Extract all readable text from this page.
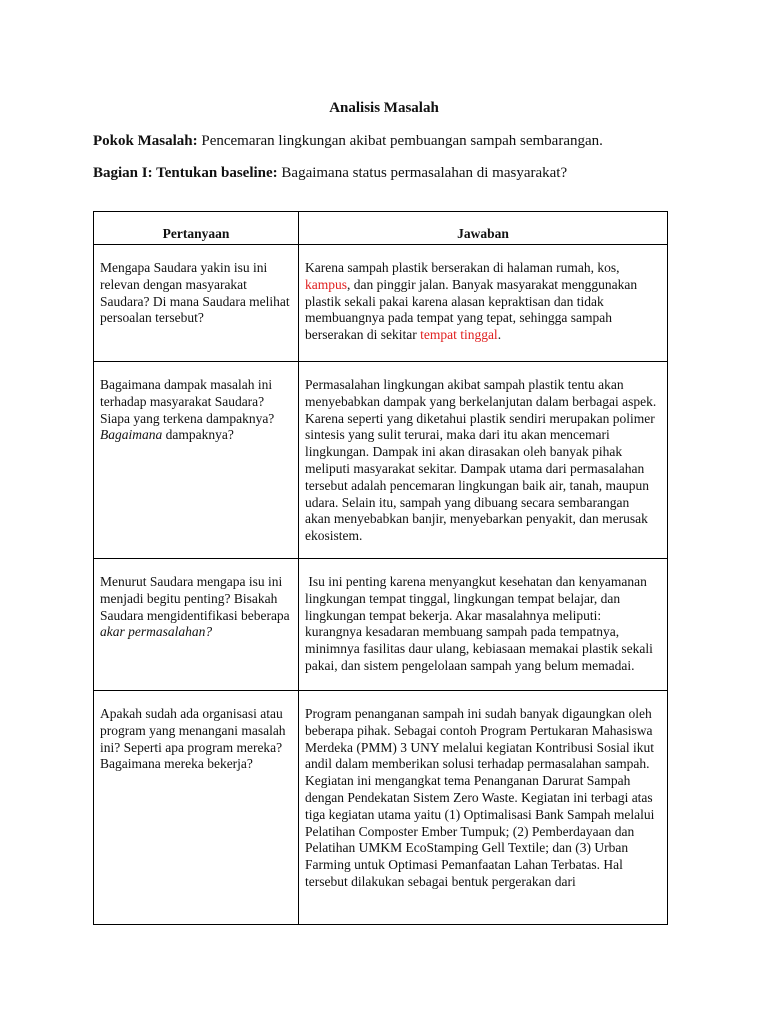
Analisis Masalah
Pokok Masalah: Pencemaran lingkungan akibat pembuangan sampah sembarangan.
Bagian I: Tentukan baseline: Bagaimana status permasalahan di masyarakat?
Pertanyaan	Jawaban

Mengapa Saudara yakin isu ini relevan dengan masyarakat Saudara? Di mana Saudara melihat persoalan tersebut?	Karena sampah plastik berserakan di halaman rumah, kos, kampus, dan pinggir jalan. Banyak masyarakat menggunakan plastik sekali pakai karena alasan kepraktisan dan tidak membuangnya pada tempat yang tepat, sehingga sampah berserakan di sekitar tempat tinggal.

Bagaimana dampak masalah ini terhadap masyarakat Saudara? Siapa yang terkena dampaknya? Bagaimana dampaknya?	Permasalahan lingkungan akibat sampah plastik tentu akan menyebabkan dampak yang berkelanjutan dalam berbagai aspek. Karena seperti yang diketahui plastik sendiri merupakan polimer sintesis yang sulit terurai, maka dari itu akan mencemari lingkungan. Dampak ini akan dirasakan oleh banyak pihak meliputi masyarakat sekitar. Dampak utama dari permasalahan tersebut adalah pencemaran lingkungan baik air, tanah, maupun udara. Selain itu, sampah yang dibuang secara sembarangan akan menyebabkan banjir, menyebarkan penyakit, dan merusak ekosistem.

Menurut Saudara mengapa isu ini menjadi begitu penting? Bisakah Saudara mengidentifikasi beberapa akar permasalahan?	Isu ini penting karena menyangkut kesehatan dan kenyamanan lingkungan tempat tinggal, lingkungan tempat belajar, dan lingkungan tempat bekerja. Akar masalahnya meliputi: kurangnya kesadaran membuang sampah pada tempatnya, minimnya fasilitas daur ulang, kebiasaan memakai plastik sekali pakai, dan sistem pengelolaan sampah yang belum memadai.

Apakah sudah ada organisasi atau program yang menangani masalah ini? Seperti apa program mereka? Bagaimana mereka bekerja?	Program penanganan sampah ini sudah banyak digaungkan oleh beberapa pihak. Sebagai contoh Program Pertukaran Mahasiswa Merdeka (PMM) 3 UNY melalui kegiatan Kontribusi Sosial ikut andil dalam memberikan solusi terhadap permasalahan sampah. Kegiatan ini mengangkat tema Penanganan Darurat Sampah dengan Pendekatan Sistem Zero Waste. Kegiatan ini terbagi atas tiga kegiatan utama yaitu (1) Optimalisasi Bank Sampah melalui Pelatihan Composter Ember Tumpuk; (2) Pemberdayaan dan Pelatihan UMKM EcoStamping Gell Textile; dan (3) Urban Farming untuk Optimasi Pemanfaatan Lahan Terbatas. Hal tersebut dilakukan sebagai bentuk pergerakan dari
